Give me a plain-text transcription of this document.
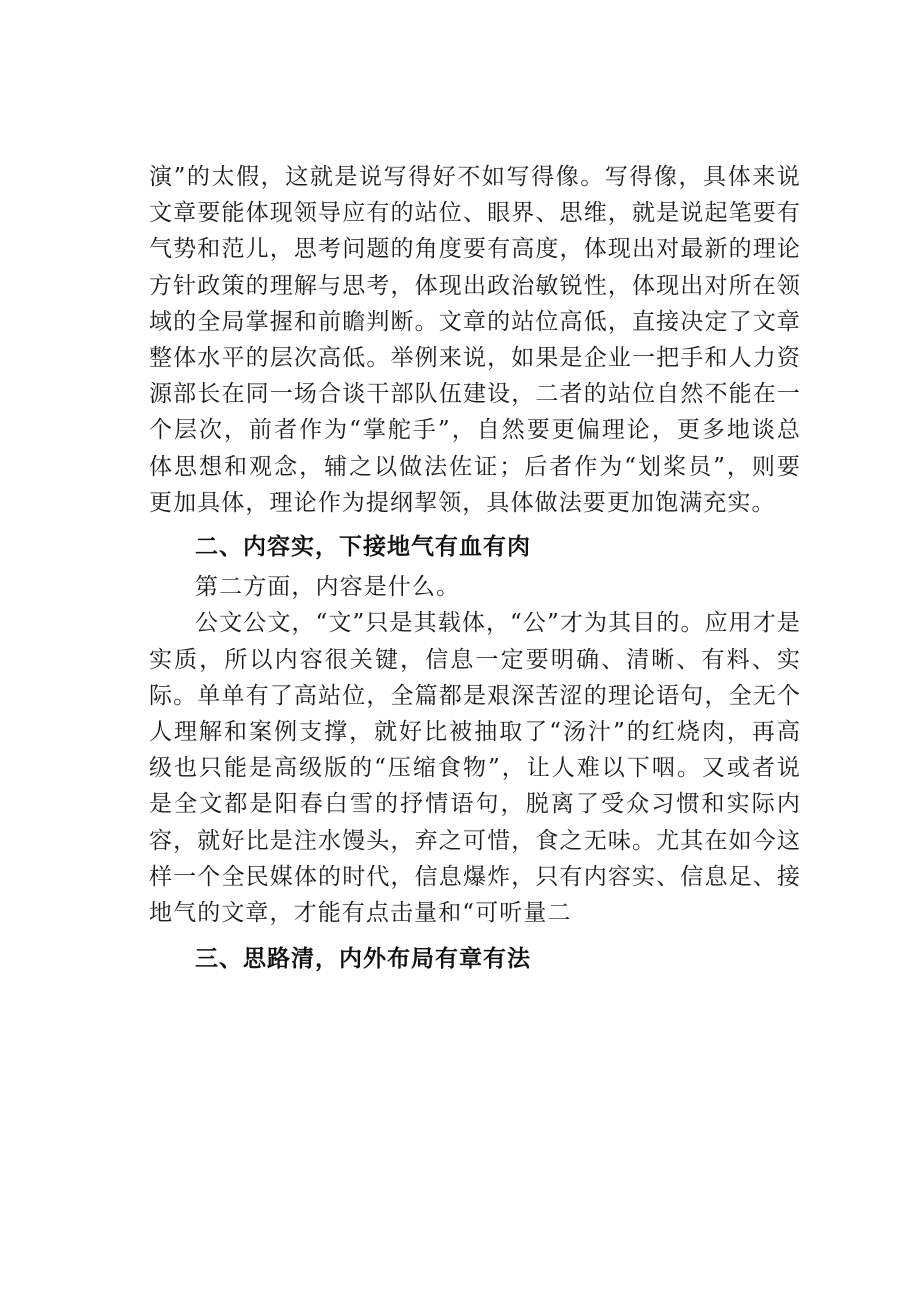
演”的太假，这就是说写得好不如写得像。写得像，具体来说文章要能体现领导应有的站位、眼界、思维，就是说起笔要有气势和范儿，思考问题的角度要有高度，体现出对最新的理论方针政策的理解与思考，体现出政治敏锐性，体现出对所在领域的全局掌握和前瞻判断。文章的站位高低，直接决定了文章整体水平的层次高低。举例来说，如果是企业一把手和人力资源部长在同一场合谈干部队伍建设，二者的站位自然不能在一个层次，前者作为“掌舵手”，自然要更偏理论，更多地谈总体思想和观念，辅之以做法佐证；后者作为“划桨员”，则要更加具体，理论作为提纲挈领，具体做法要更加饱满充实。

二、内容实，下接地气有血有肉

第二方面，内容是什么。

公文公文，“文”只是其载体，“公”才为其目的。应用才是实质，所以内容很关键，信息一定要明确、清晰、有料、实际。单单有了高站位，全篇都是艰深苦涩的理论语句，全无个人理解和案例支撑，就好比被抽取了“汤汁”的红烧肉，再高级也只能是高级版的“压缩食物”，让人难以下咽。又或者说是全文都是阳春白雪的抒情语句，脱离了受众习惯和实际内容，就好比是注水馒头，弃之可惜，食之无味。尤其在如今这样一个全民媒体的时代，信息爆炸，只有内容实、信息足、接地气的文章，才能有点击量和“可听量二

三、思路清，内外布局有章有法
